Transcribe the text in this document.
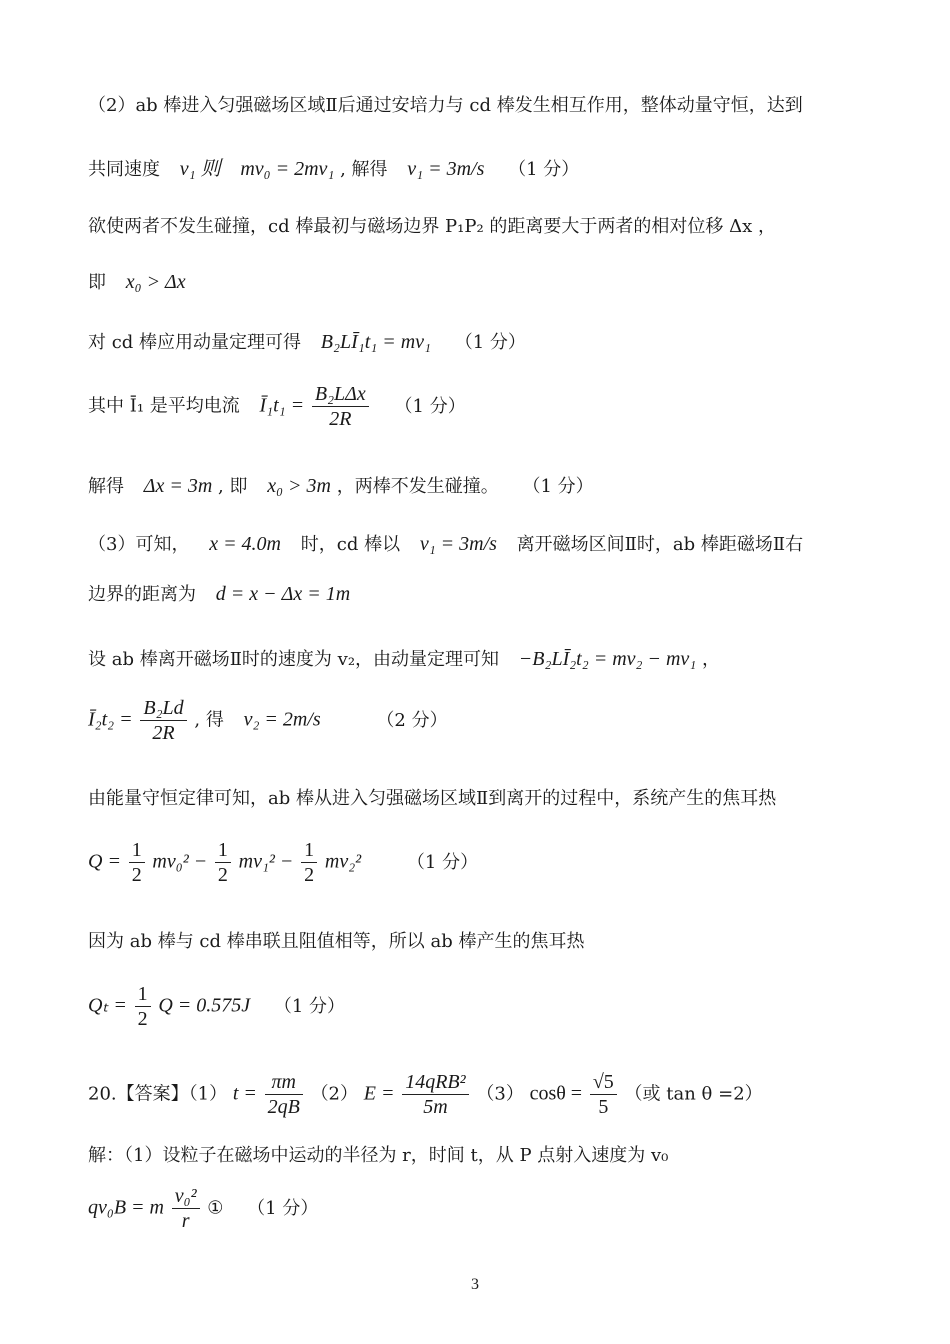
（2）ab 棒进入匀强磁场区域Ⅱ后通过安培力与 cd 棒发生相互作用，整体动量守恒，达到
共同速度 v₁ 则 mv₀ = 2mv₁ , 解得 v₁ = 3m/s （1 分）
欲使两者不发生碰撞，cd 棒最初与磁场边界 P₁P₂ 的距离要大于两者的相对位移 Δx ，
即 x₀ > Δx
对 cd 棒应用动量定理可得 B₂LĪ₁t₁ = mv₁ （1 分）
其中 Ī₁ 是平均电流 Ī₁t₁ = $\frac{\text{B₂LΔx}}{2R} (1$ 分）
解得 Δx = 3m , 即 x₀ > 3m ，两棒不发生碰撞。 （1 分）
（3）可知， x = 4.0m 时，cd 棒以 v₁ = 3m/s 离开磁场区间Ⅱ时，ab 棒距磁场Ⅱ右
边界的距离为 d = x − Δx = 1m
设 ab 棒离开磁场Ⅱ时的速度为 v₂，由动量定理可知 −B₂LĪ₂t₂ = mv₂ − mv₁ ，
Ī₂t₂ = $\frac{\text{B₂Ld}}{2R}$ , 得 v₂ = 2m/s	（2 分）
由能量守恒定律可知，ab 棒从进入匀强磁场区域Ⅱ到离开的过程中，系统产生的焦耳热
$Q = \frac{1}{2} mv_0^2 - \frac{1}{2} mv_1^2 - \frac{1}{2} mv_2^2$	（1 分）
因为 ab 棒与 cd 棒串联且阻值相等，所以 ab 棒产生的焦耳热
$Q_t = \frac{1}{2}$ Q = 0.575J （1 分）
20.【答案】（1） $t = \frac{\pi m}{2qB} (2) E = \frac{\text{14qRB²}}{5m} (3) \cos\theta = \frac{√5}{5}$ （或 tan θ =2）
解：（1）设粒子在磁场中运动的半径为 r，时间 t，从 P 点射入速度为 v₀
qv₀B = m $\frac{\text{v₀²}}{r}$ ① （1 分）
3
